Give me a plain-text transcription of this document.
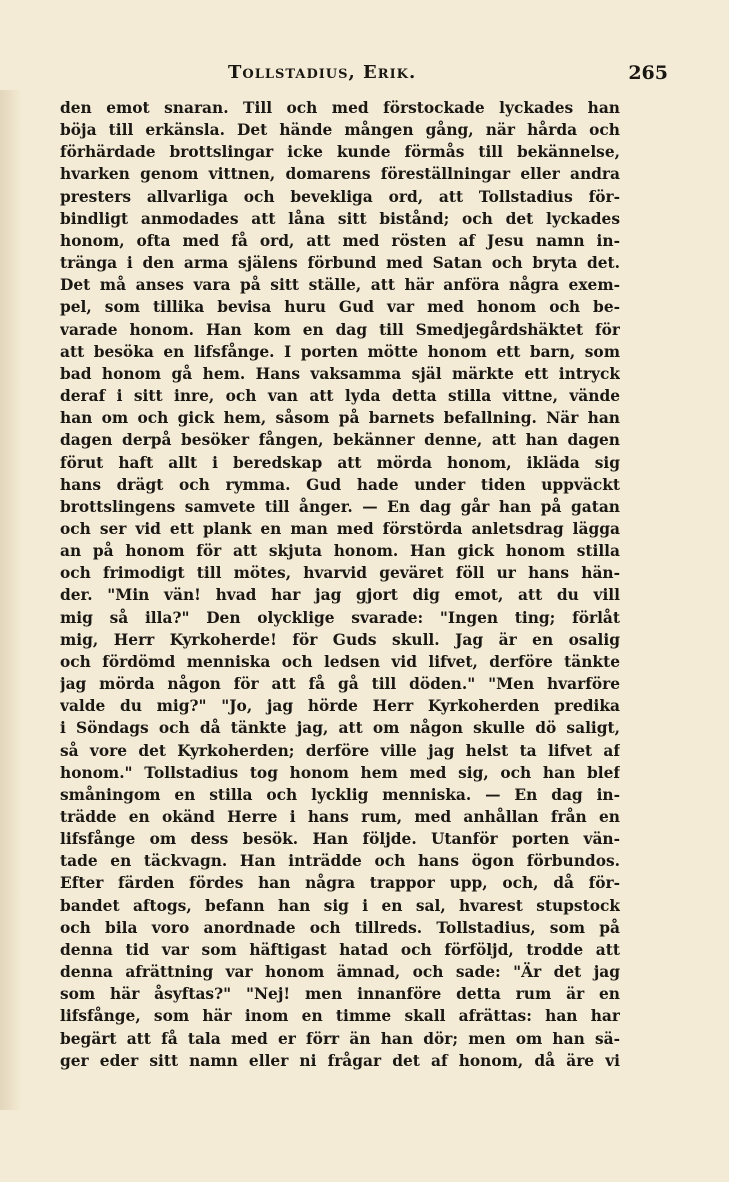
Tollstadius, Erik.	265
den emot snaran. Till och med förstockade lyckades han
böja till erkänsla. Det hände mången gång, när hårda och
förhärdade brottslingar icke kunde förmås till bekännelse,
hvarken genom vittnen, domarens föreställningar eller andra
presters allvarliga och bevekliga ord, att Tollstadius för-
bindligt anmodades att låna sitt bistånd; och det lyckades
honom, ofta med få ord, att med rösten af Jesu namn in-
tränga i den arma själens förbund med Satan och bryta det.
Det må anses vara på sitt ställe, att här anföra några exem-
pel, som tillika bevisa huru Gud var med honom och be-
varade honom. Han kom en dag till Smedjegårdshäktet för
att besöka en lifsfånge. I porten mötte honom ett barn, som
bad honom gå hem. Hans vaksamma själ märkte ett intryck
deraf i sitt inre, och van att lyda detta stilla vittne, vände
han om och gick hem, såsom på barnets befallning. När han
dagen derpå besöker fången, bekänner denne, att han dagen
förut haft allt i beredskap att mörda honom, ikläda sig
hans drägt och rymma. Gud hade under tiden uppväckt
brottslingens samvete till ånger. — En dag går han på gatan
och ser vid ett plank en man med förstörda anletsdrag lägga
an på honom för att skjuta honom. Han gick honom stilla
och frimodigt till mötes, hvarvid geväret föll ur hans hän-
der. "Min vän! hvad har jag gjort dig emot, att du vill
mig så illa?" Den olycklige svarade: "Ingen ting; förlåt
mig, Herr Kyrkoherde! för Guds skull. Jag är en osalig
och fördömd menniska och ledsen vid lifvet, derföre tänkte
jag mörda någon för att få gå till döden." "Men hvarföre
valde du mig?" "Jo, jag hörde Herr Kyrkoherden predika
i Söndags och då tänkte jag, att om någon skulle dö saligt,
så vore det Kyrkoherden; derföre ville jag helst ta lifvet af
honom." Tollstadius tog honom hem med sig, och han blef
småningom en stilla och lycklig menniska. — En dag in-
trädde en okänd Herre i hans rum, med anhållan från en
lifsfånge om dess besök. Han följde. Utanför porten vän-
tade en täckvagn. Han inträdde och hans ögon förbundos.
Efter färden fördes han några trappor upp, och, då för-
bandet aftogs, befann han sig i en sal, hvarest stupstock
och bila voro anordnade och tillreds. Tollstadius, som på
denna tid var som häftigast hatad och förföljd, trodde att
denna afrättning var honom ämnad, och sade: "Är det jag
som här åsyftas?" "Nej! men innanföre detta rum är en
lifsfånge, som här inom en timme skall afrättas: han har
begärt att få tala med er förr än han dör; men om han sä-
ger eder sitt namn eller ni frågar det af honom, då äre vi
